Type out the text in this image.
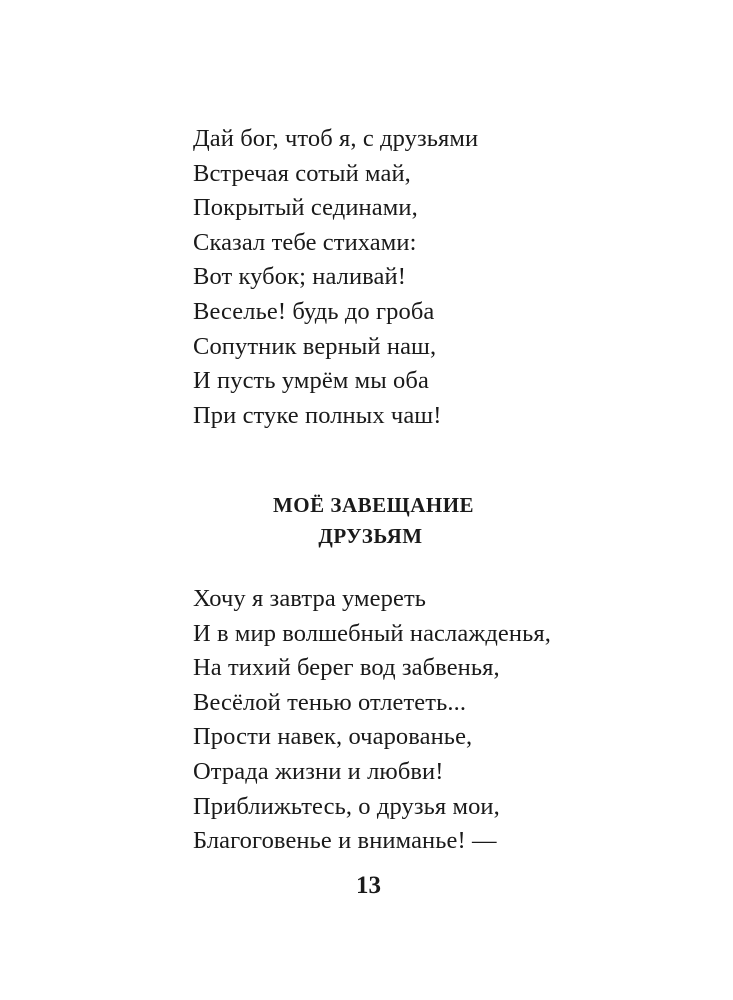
Дай бог, чтоб я, с друзьями
Встречая сотый май,
Покрытый сединами,
Сказал тебе стихами:
Вот кубок; наливай!
Веселье! будь до гроба
Сопутник верный наш,
И пусть умрём мы оба
При стуке полных чаш!
МОЁ ЗАВЕЩАНИЕ
ДРУЗЬЯМ
Хочу я завтра умереть
И в мир волшебный наслажденья,
На тихий берег вод забвенья,
Весёлой тенью отлететь...
Прости навек, очарованье,
Отрада жизни и любви!
Приближьтесь, о друзья мои,
Благоговенье и вниманье! —
13
